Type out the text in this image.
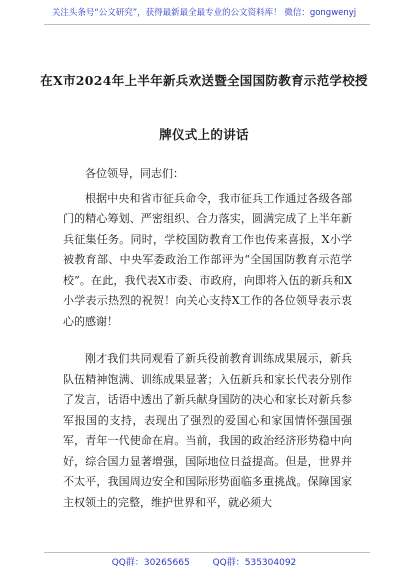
关注头条号“公文研究”，获得最新最全最专业的公文资料库！ 微信：gongwenyj
在X市2024年上半年新兵欢送暨全国国防教育示范学校授
牌仪式上的讲话

各位领导，同志们：

根据中央和省市征兵命令，我市征兵工作通过各级各部门的精心筹划、严密组织、合力落实，圆满完成了上半年新兵征集任务。同时，学校国防教育工作也传来喜报，X小学被教育部、中央军委政治工作部评为“全国国防教育示范学校”。在此，我代表X市委、市政府，向即将入伍的新兵和X小学表示热烈的祝贺！向关心支持X工作的各位领导表示衷心的感谢！

刚才我们共同观看了新兵役前教育训练成果展示，新兵队伍精神饱满、训练成果显著；入伍新兵和家长代表分别作了发言，话语中透出了新兵献身国防的决心和家长对新兵参军报国的支持，表现出了强烈的爱国心和家国情怀强国强军，青年一代使命在肩。当前，我国的政治经济形势稳中向好，综合国力显著增强，国际地位日益提高。但是，世界并不太平，我国周边安全和国际形势面临多重挑战。保障国家主权领土的完整，维护世界和平，就必须大

QQ群：30265665	QQ群：535304092
